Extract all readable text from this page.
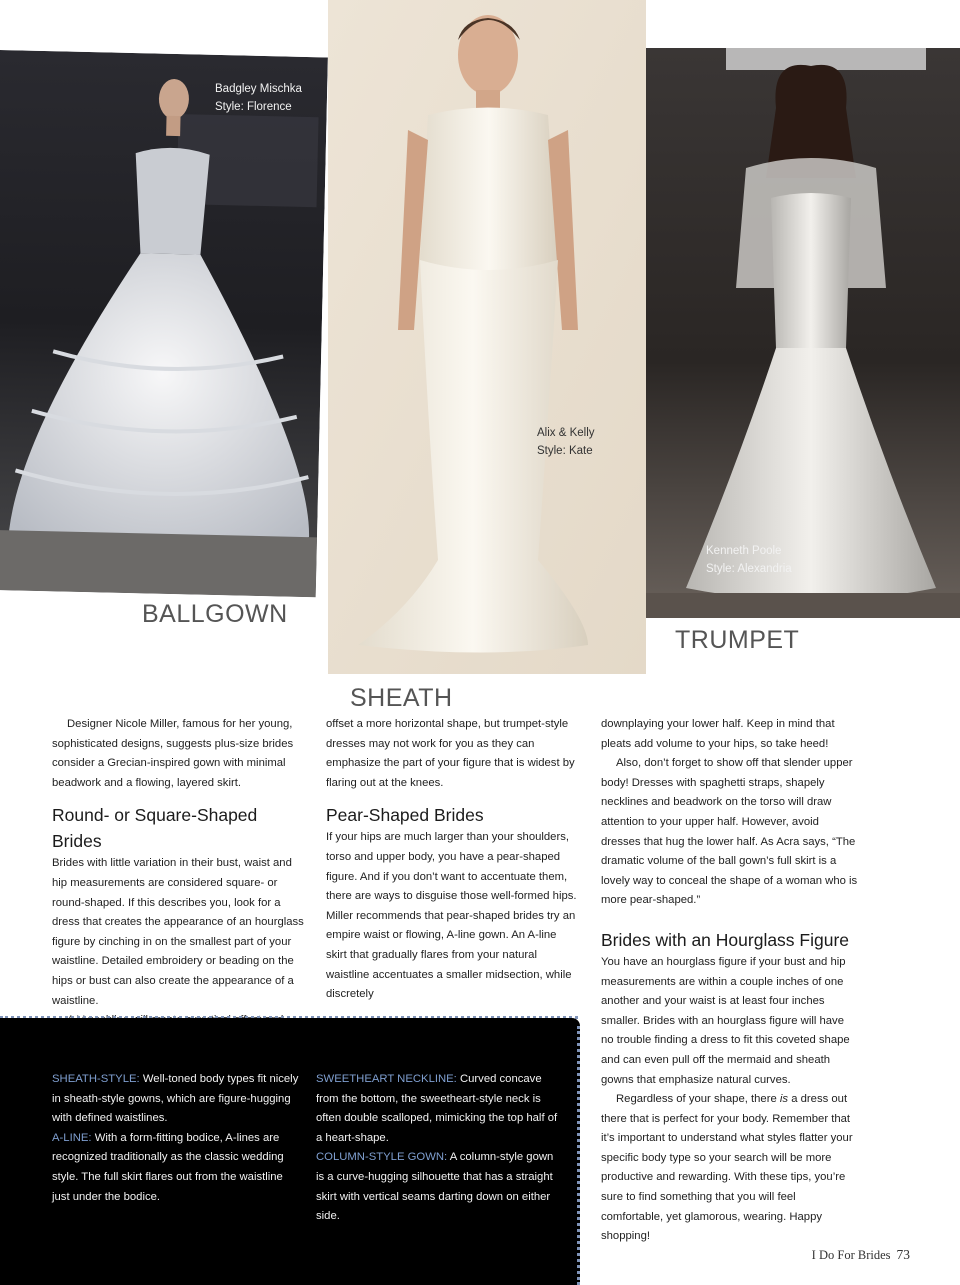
Badgley Mischka
Style: Florence
BALLGOWN
Alix & Kelly
Style: Kate
SHEATH
Kenneth Poole
Style: Alexandria
TRUMPET

Designer Nicole Miller, famous for her young, sophisticated designs, suggests plus-size brides consider a Grecian-inspired gown with minimal beadwork and a flowing, layered skirt.

Round- or Square-Shaped Brides

Brides with little variation in their bust, waist and hip measurements are considered square- or round-shaped. If this describes you, look for a dress that creates the appearance of an hourglass figure by cinching in on the smallest part of your waistline. Detailed embroidery or beading on the hips or bust can also create the appearance of a waistline.

offset a more horizontal shape, but trumpet-style dresses may not work for you as they can emphasize the part of your figure that is widest by flaring out at the knees.

Pear-Shaped Brides

If your hips are much larger than your shoulders, torso and upper body, you have a pear-shaped figure. And if you don’t want to accentuate them, there are ways to disguise those well-formed hips. Miller recommends that pear-shaped brides try an empire waist or flowing, A-line gown. An A-line skirt that gradually flares from your natural waistline accentuates a smaller midsection, while discretely

downplaying your lower half. Keep in mind that pleats add volume to your hips, so take heed!

Also, don’t forget to show off that slender upper body! Dresses with spaghetti straps, shapely necklines and beadwork on the torso will draw attention to your upper half. However, avoid dresses that hug the lower half. As Acra says, “The dramatic volume of the ball gown’s full skirt is a lovely way to conceal the shape of a woman who is more pear-shaped.”

Brides with an Hourglass Figure

You have an hourglass figure if your bust and hip measurements are within a couple inches of one another and your waist is at least four inches smaller. Brides with an hourglass figure will have no trouble finding a dress to fit this coveted shape and can even pull off the mermaid and sheath gowns that emphasize natural curves.

Regardless of your shape, there is a dress out there that is perfect for your body. Remember that it’s important to understand what styles flatter your specific body type so your search will be more productive and rewarding. With these tips, you’re sure to find something that you will feel comfortable, yet glamorous, wearing. Happy shopping!

SHEATH-STYLE: Well-toned body types fit nicely in sheath-style gowns, which are figure-hugging with defined waistlines.

A-LINE: With a form-fitting bodice, A-lines are recognized traditionally as the classic wedding style. The full skirt flares out from the waistline just under the bodice.

SWEETHEART NECKLINE: Curved concave from the bottom, the sweetheart-style neck is often double scalloped, mimicking the top half of a heart-shape.

COLUMN-STYLE GOWN: A column-style gown is a curve-hugging silhouette that has a straight skirt with vertical seams darting down on either side.

I Do For Brides 73
